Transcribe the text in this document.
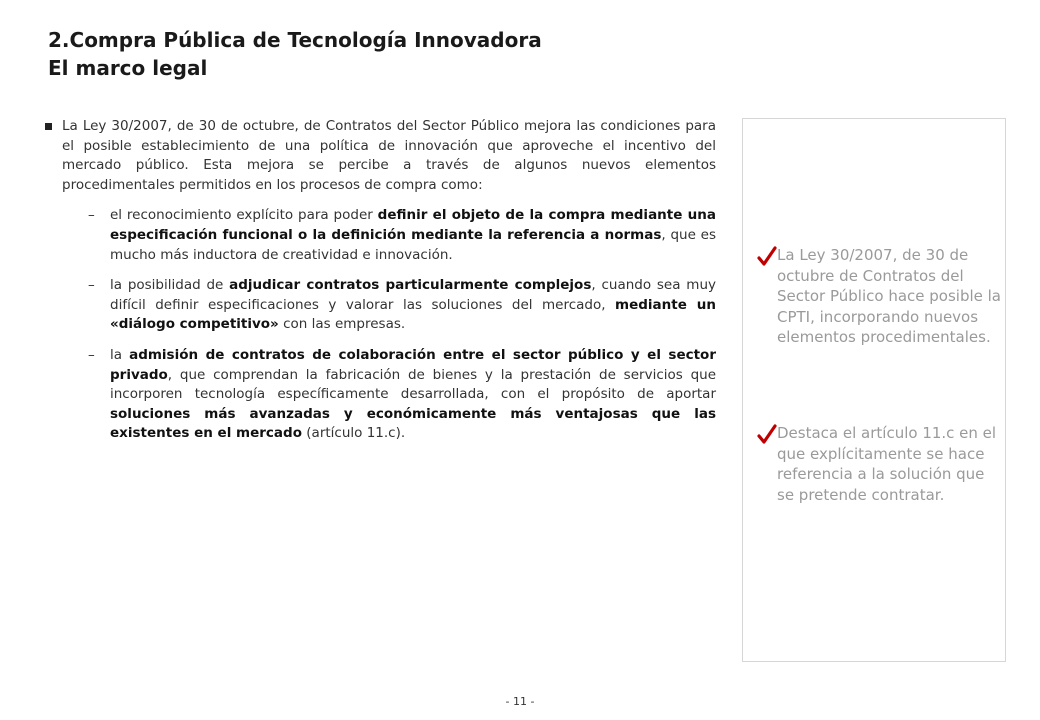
2.Compra Pública de Tecnología Innovadora
El marco legal
La Ley 30/2007, de 30 de octubre, de Contratos del Sector Público mejora las condiciones para el posible establecimiento de una política de innovación que aproveche el incentivo del mercado público. Esta mejora se percibe a través de algunos nuevos elementos procedimentales permitidos en los procesos de compra como:
–	el reconocimiento explícito para poder definir el objeto de la compra mediante una especificación funcional o la definición mediante la referencia a normas, que es mucho más inductora de creatividad e innovación.
–	la posibilidad de adjudicar contratos particularmente complejos, cuando sea muy difícil definir especificaciones y valorar las soluciones del mercado, mediante un «diálogo competitivo» con las empresas.
–	la admisión de contratos de colaboración entre el sector público y el sector privado, que comprendan la fabricación de bienes y la prestación de servicios que incorporen tecnología específicamente desarrollada, con el propósito de aportar soluciones más avanzadas y económicamente más ventajosas que las existentes en el mercado (artículo 11.c).
La Ley 30/2007, de 30 de octubre de Contratos del Sector Público hace posible la CPTI, incorporando nuevos elementos procedimentales.
Destaca el artículo 11.c en el que explícitamente se hace referencia a la solución que se pretende contratar.
- 11 -
